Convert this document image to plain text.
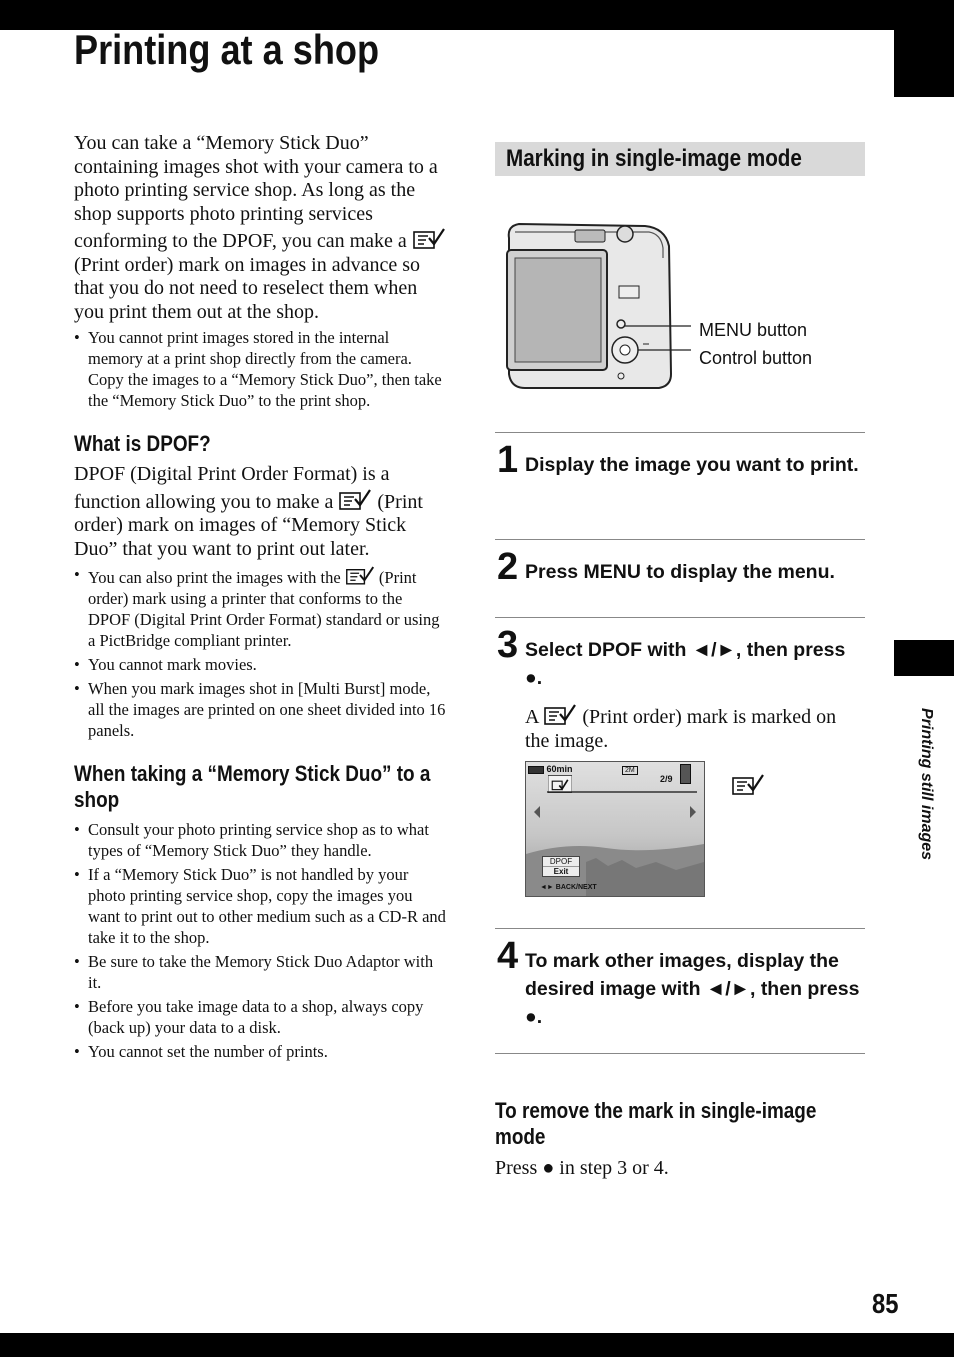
Printing still images
85
Printing at a shop

You can take a “Memory Stick Duo” containing images shot with your camera to a photo printing service shop. As long as the shop supports photo printing services conforming to the DPOF, you can make a  (Print order) mark on images in advance so that you do not need to reselect them when you print them out at the shop.

• You cannot print images stored in the internal memory at a print shop directly from the camera. Copy the images to a “Memory Stick Duo”, then take the “Memory Stick Duo” to the print shop.
What is DPOF?

DPOF (Digital Print Order Format) is a function allowing you to make a (Print order) mark on images of “Memory Stick Duo” that you want to print out later.

• You can also print the images with the (Print order) mark using a printer that conforms to the DPOF (Digital Print Order Format) standard or using a PictBridge compliant printer.
• You cannot mark movies.
• When you mark images shot in [Multi Burst] mode, all the images are printed on one sheet divided into 16 panels.
When taking a “Memory Stick Duo” to a shop
• Consult your photo printing service shop as to what types of “Memory Stick Duo” they handle.
• If a “Memory Stick Duo” is not handled by your photo printing service shop, copy the images you want to print out to other medium such as a CD-R and take it to the shop.
• Be sure to take the Memory Stick Duo Adaptor with it.
• Before you take image data to a shop, always copy (back up) your data to a disk.
• You cannot set the number of prints.
Marking in single-image mode
MENU button
Control button
1 Display the image you want to print.
2 Press MENU to display the menu.
3 Select DPOF with ◄/►, then press ●.
A (Print order) mark is marked on the image.
60min	2M
2/9
DPOF
Exit
◄► BACK/NEXT
4 To mark other images, display the desired image with ◄/►, then press ●.
To remove the mark in single-image mode
Press ● in step 3 or 4.
